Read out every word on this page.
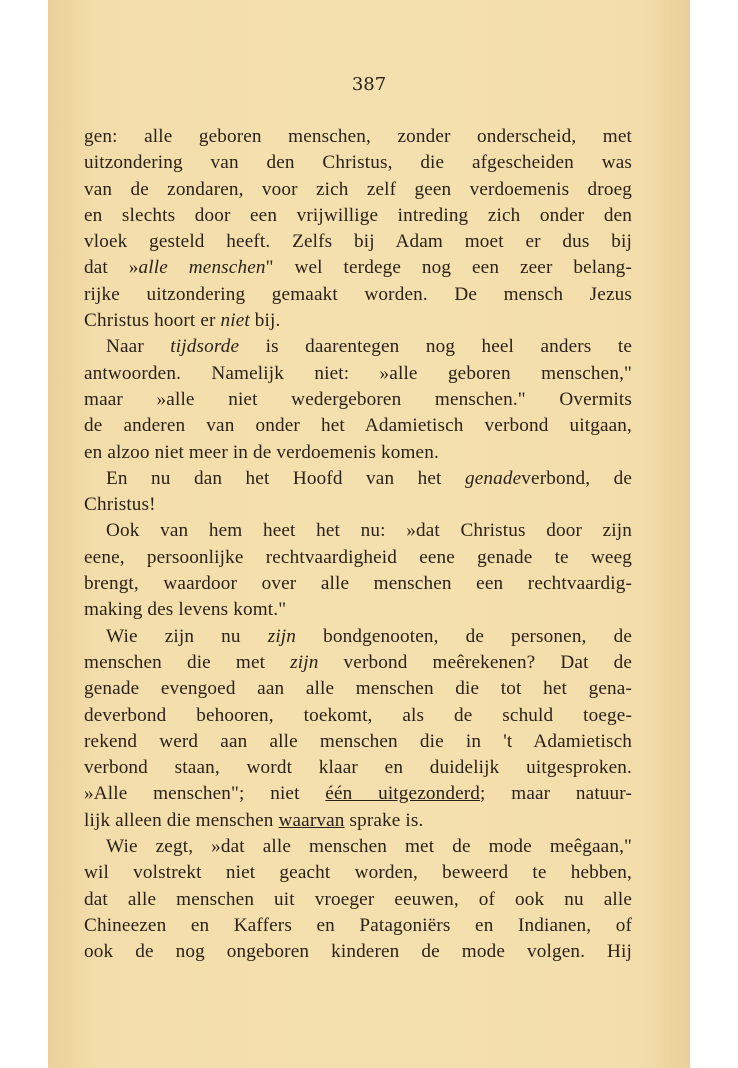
387
gen: alle geboren menschen, zonder onderscheid, met
uitzondering van den Christus, die afgescheiden was
van de zondaren, voor zich zelf geen verdoemenis droeg
en slechts door een vrijwillige intreding zich onder den
vloek gesteld heeft. Zelfs bij Adam moet er dus bij
dat »alle menschen" wel terdege nog een zeer belang-
rijke uitzondering gemaakt worden. De mensch Jezus
Christus hoort er niet bij.
Naar tijdsorde is daarentegen nog heel anders te
antwoorden. Namelijk niet: »alle geboren menschen,"
maar »alle niet wedergeboren menschen." Overmits
de anderen van onder het Adamietisch verbond uitgaan,
en alzoo niet meer in de verdoemenis komen.
En nu dan het Hoofd van het genadeverbond, de
Christus!
Ook van hem heet het nu: »dat Christus door zijn
eene, persoonlijke rechtvaardigheid eene genade te weeg
brengt, waardoor over alle menschen een rechtvaardig-
making des levens komt."
Wie zijn nu zijn bondgenooten, de personen, de
menschen die met zijn verbond meêrekenen? Dat de
genade evengoed aan alle menschen die tot het gena-
deverbond behooren, toekomt, als de schuld toege-
rekend werd aan alle menschen die in 't Adamietisch
verbond staan, wordt klaar en duidelijk uitgesproken.
»Alle menschen"; niet één uitgezonderd; maar natuur-
lijk alleen die menschen waarvan sprake is.
Wie zegt, »dat alle menschen met de mode meêgaan,"
wil volstrekt niet geacht worden, beweerd te hebben,
dat alle menschen uit vroeger eeuwen, of ook nu alle
Chineezen en Kaffers en Patagoniërs en Indianen, of
ook de nog ongeboren kinderen de mode volgen. Hij
